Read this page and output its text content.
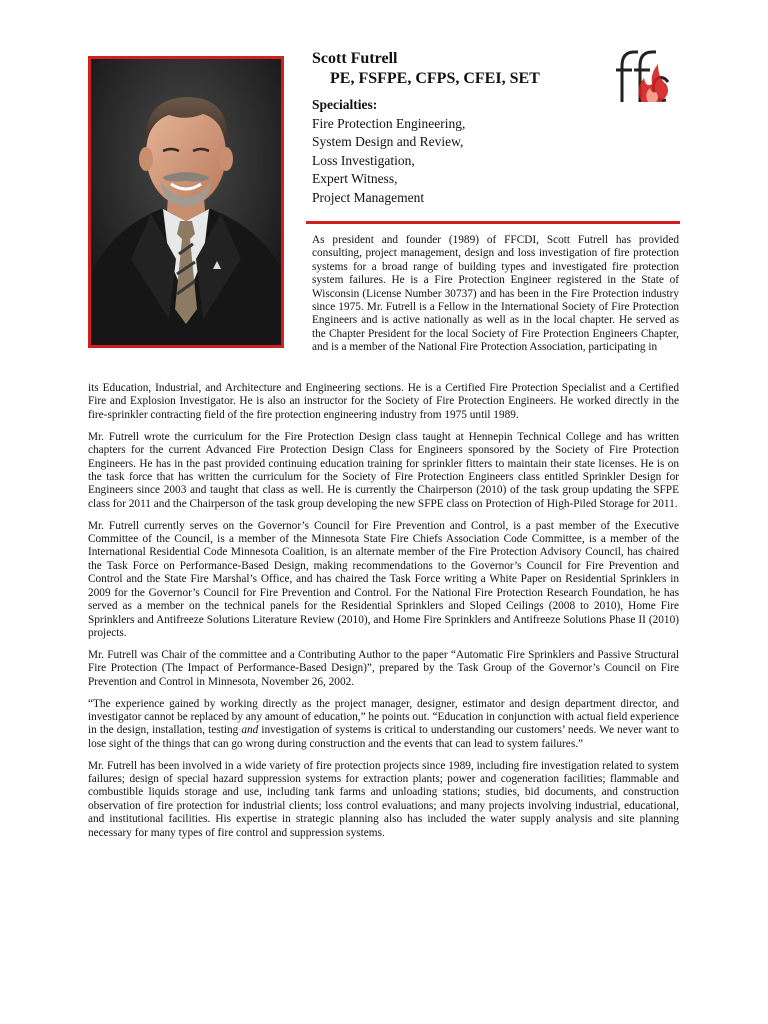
Scott Futrell
PE, FSFPE, CFPS, CFEI, SET
Specialties:
Fire Protection Engineering,
System Design and Review,
Loss Investigation,
Expert Witness,
Project Management

As president and founder (1989) of FFCDI, Scott Futrell has provided consulting, project management, design and loss investigation of fire protection systems for a broad range of building types and investigated fire protection system failures. He is a Fire Protection Engineer registered in the State of Wisconsin (License Number 30737) and has been in the Fire Protection industry since 1975. Mr. Futrell is a Fellow in the International Society of Fire Protection Engineers and is active nationally as well as in the local chapter. He served as the Chapter President for the local Society of Fire Protection Engineers Chapter, and is a member of the National Fire Protection Association, participating in

its Education, Industrial, and Architecture and Engineering sections. He is a Certified Fire Protection Specialist and a Certified Fire and Explosion Investigator. He is also an instructor for the Society of Fire Protection Engineers. He worked directly in the fire-sprinkler contracting field of the fire protection engineering industry from 1975 until 1989.

Mr. Futrell wrote the curriculum for the Fire Protection Design class taught at Hennepin Technical College and has written chapters for the current Advanced Fire Protection Design Class for Engineers sponsored by the Society of Fire Protection Engineers. He has in the past provided continuing education training for sprinkler fitters to maintain their state licenses. He is on the task force that has written the curriculum for the Society of Fire Protection Engineers class entitled Sprinkler Design for Engineers since 2003 and taught that class as well. He is currently the Chairperson (2010) of the task group updating the SFPE class for 2011 and the Chairperson of the task group developing the new SFPE class on Protection of High-Piled Storage for 2011.

Mr. Futrell currently serves on the Governor’s Council for Fire Prevention and Control, is a past member of the Executive Committee of the Council, is a member of the Minnesota State Fire Chiefs Association Code Committee, is a member of the International Residential Code Minnesota Coalition, is an alternate member of the Fire Protection Advisory Council, has chaired the Task Force on Performance-Based Design, making recommendations to the Governor’s Council for Fire Prevention and Control and the State Fire Marshal’s Office, and has chaired the Task Force writing a White Paper on Residential Sprinklers in 2009 for the Governor’s Council for Fire Prevention and Control. For the National Fire Protection Research Foundation, he has served as a member on the technical panels for the Residential Sprinklers and Sloped Ceilings (2008 to 2010), Home Fire Sprinklers and Antifreeze Solutions Literature Review (2010), and Home Fire Sprinklers and Antifreeze Solutions Phase II (2010) projects.

Mr. Futrell was Chair of the committee and a Contributing Author to the paper “Automatic Fire Sprinklers and Passive Structural Fire Protection (The Impact of Performance-Based Design)”, prepared by the Task Group of the Governor’s Council on Fire Prevention and Control in Minnesota, November 26, 2002.

“The experience gained by working directly as the project manager, designer, estimator and design department director, and investigator cannot be replaced by any amount of education,” he points out. “Education in conjunction with actual field experience in the design, installation, testing and investigation of systems is critical to understanding our customers’ needs. We never want to lose sight of the things that can go wrong during construction and the events that can lead to system failures.”

Mr. Futrell has been involved in a wide variety of fire protection projects since 1989, including fire investigation related to system failures; design of special hazard suppression systems for extraction plants; power and cogeneration facilities; flammable and combustible liquids storage and use, including tank farms and unloading stations; studies, bid documents, and construction observation of fire protection for industrial clients; loss control evaluations; and many projects involving industrial, educational, and institutional facilities. His expertise in strategic planning also has included the water supply analysis and site planning necessary for many types of fire control and suppression systems.
